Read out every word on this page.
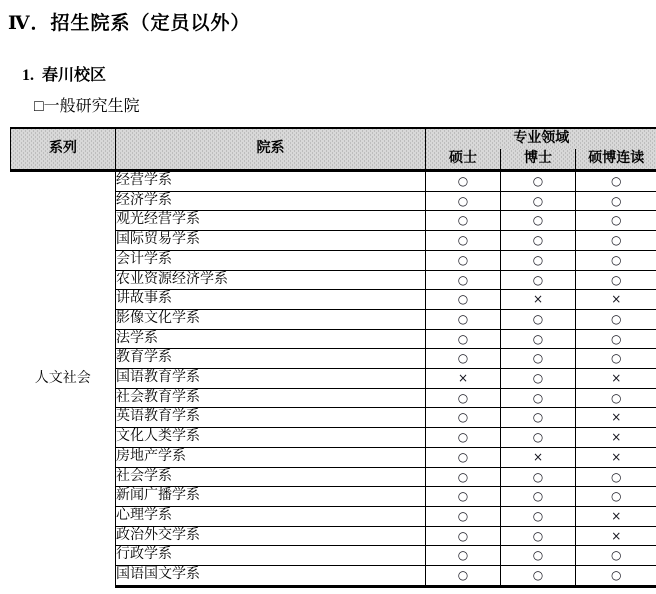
Ⅳ．招生院系（定员以外）
1.  春川校区
□一般研究生院
系列	院系	专业领域		
		硕士	博士	硕博连读
人文社会	经营学系	○	○	○
	经济学系	○	○	○
	观光经营学系	○	○	○
	国际贸易学系	○	○	○
	会计学系	○	○	○
	农业资源经济学系	○	○	○
	讲故事系	○	×	×
	影像文化学系	○	○	○
	法学系	○	○	○
	教育学系	○	○	○
	国语教育学系	×	○	×
	社会教育学系	○	○	○
	英语教育学系	○	○	×
	文化人类学系	○	○	×
	房地产学系	○	×	×
	社会学系	○	○	○
	新闻广播学系	○	○	○
	心理学系	○	○	×
	政治外交学系	○	○	×
	行政学系	○	○	○
	国语国文学系	○	○	○
